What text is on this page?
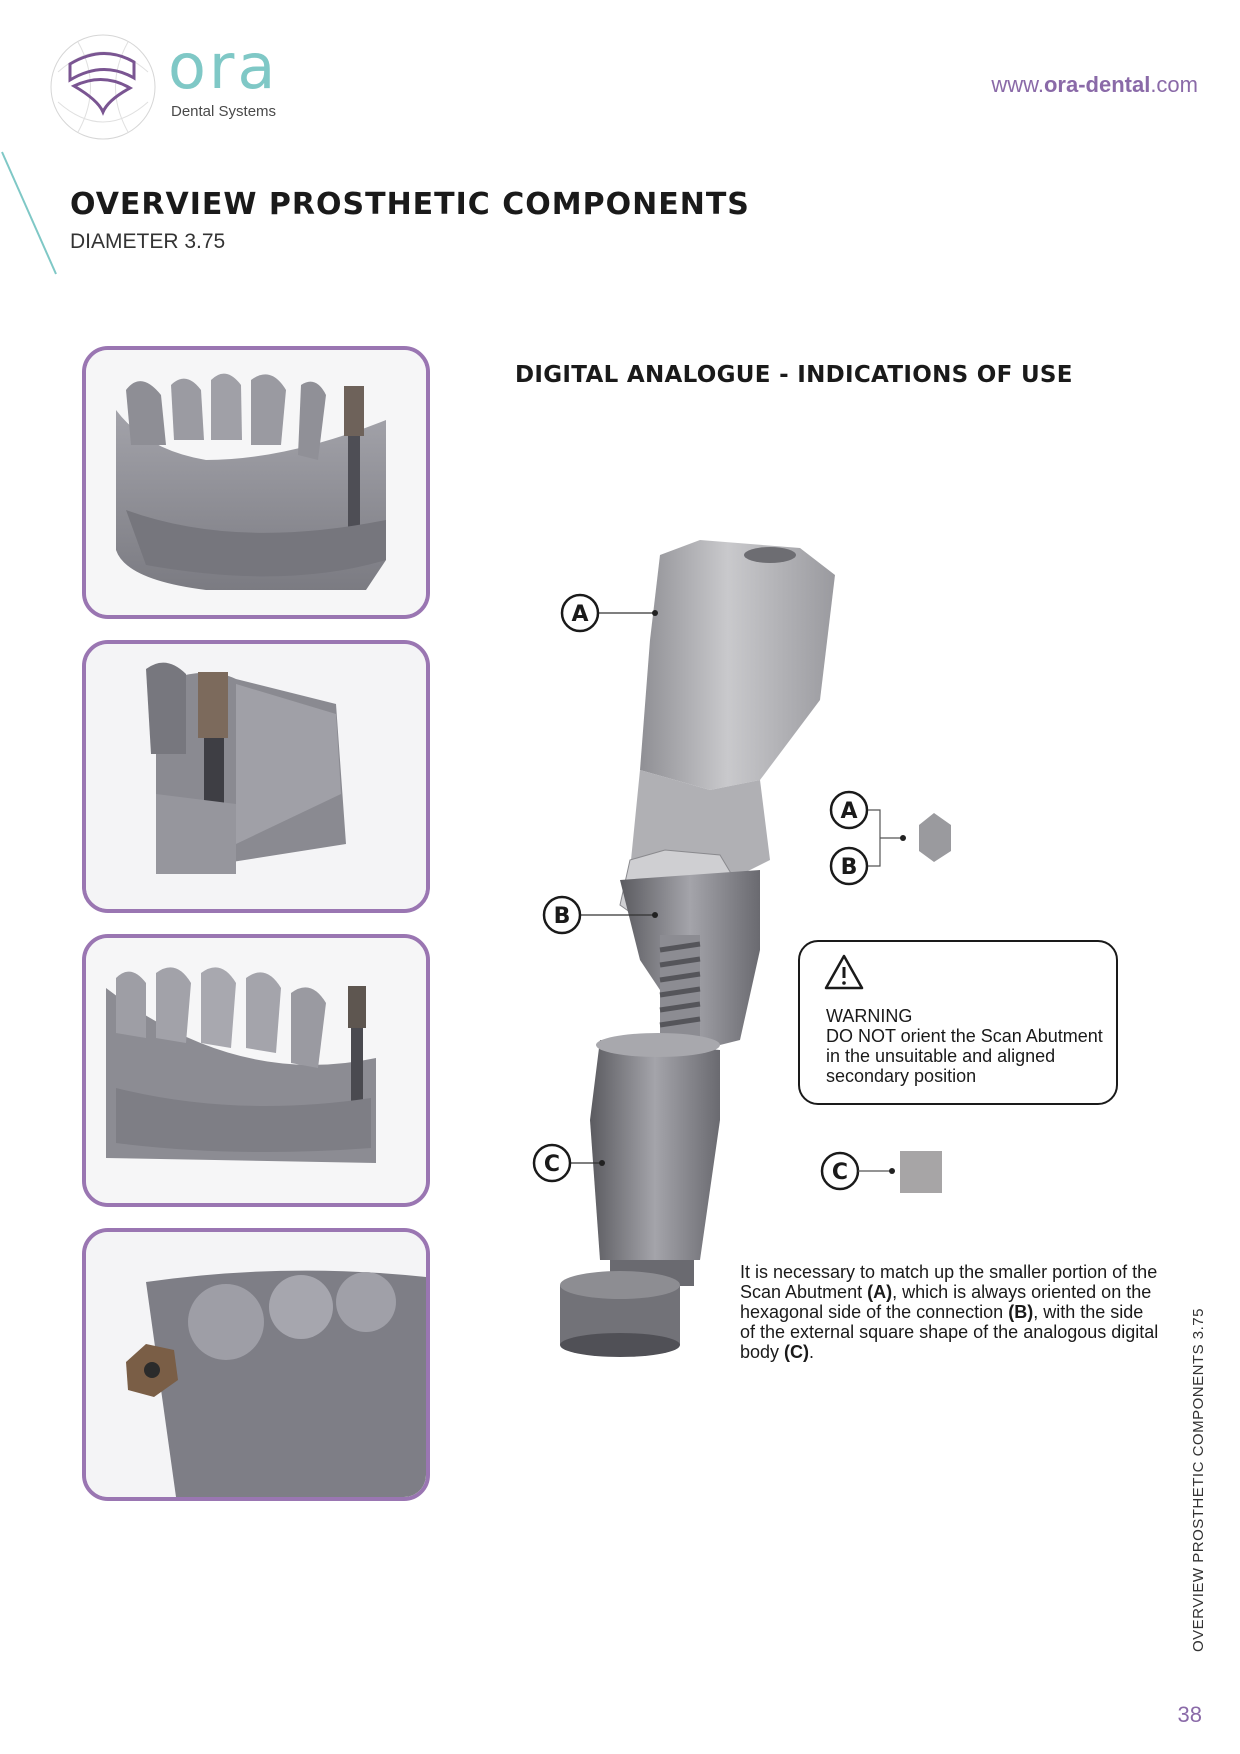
ora
Dental Systems
www.ora-dental.com
OVERVIEW PROSTHETIC COMPONENTS
DIAMETER 3.75
DIGITAL ANALOGUE - INDICATIONS OF USE
A
B
C
A
B
C
WARNING
DO NOT orient the Scan Abutment in the unsuitable and aligned secondary position
It is necessary to match up the smaller portion of the Scan Abutment (A), which is always oriented on the hexagonal side of the connection (B), with the side of the external square shape of the analogous digital body (C).	OVERVIEW PROSTHETIC COMPONENTS 3.75
38
